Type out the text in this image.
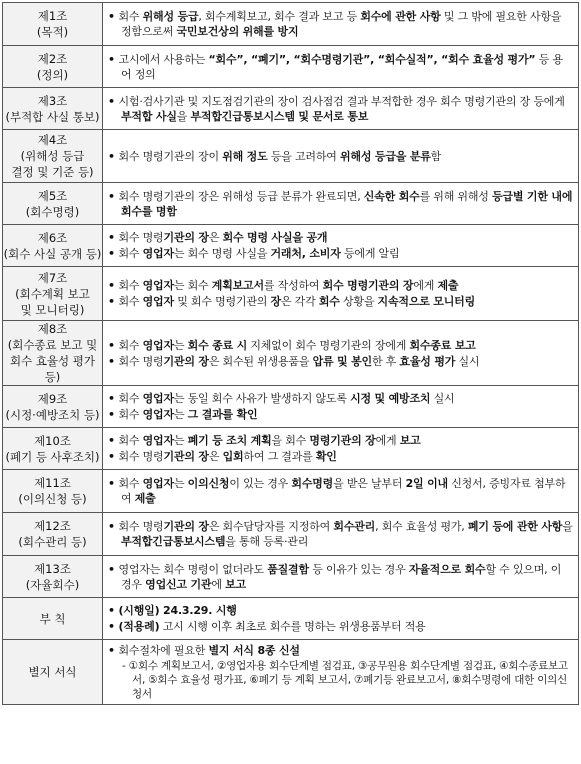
제1조
(목적)	• 회수 위해성 등급, 회수계획보고, 회수 결과 보고 등 회수에 관한 사항 및 그 밖에 필요한 사항을 정함으로써 국민보건상의 위해를 방지

제2조
(정의)	• 고시에서 사용하는 “회수”, “폐기”, “회수명령기관”, “회수실적”, “회수 효율성 평가” 등 용어 정의

제3조
(부적합 사실 통보)	• 시험·검사기관 및 지도점검기관의 장이 검사점검 결과 부적합한 경우 회수 명령기관의 장 등에게 부적합 사실을 부적합긴급통보시스템 및 문서로 통보

제4조
(위해성 등급
결정 및 기준 등)	• 회수 명령기관의 장이 위해 정도 등을 고려하여 위해성 등급을 분류함

제5조
(회수명령)	• 회수 명령기관의 장은 위해성 등급 분류가 완료되면, 신속한 회수를 위해 위해성 등급별 기한 내에 회수를 명함

제6조
(회수 사실 공개 등)	• 회수 명령기관의 장은 회수 명령 사실을 공개
• 회수 영업자는 회수 명령 사실을 거래처, 소비자 등에게 알림

제7조
(회수계획 보고
및 모니터링)	• 회수 영업자는 회수 계획보고서를 작성하여 회수 명령기관의 장에게 제출
• 회수 영업자 및 회수 명령기관의 장은 각각 회수 상황을 지속적으로 모니터링

제8조
(회수종료 보고 및
회수 효율성 평가 등)	• 회수 영업자는 회수 종료 시 지체없이 회수 명령기관의 장에게 회수종료 보고
• 회수 명령기관의 장은 회수된 위생용품을 압류 및 봉인한 후 효율성 평가 실시

제9조
(시정·예방조치 등)	• 회수 영업자는 동일 회수 사유가 발생하지 않도록 시정 및 예방조치 실시
• 회수 영업자는 그 결과를 확인

제10조
(폐기 등 사후조치)	• 회수 영업자는 폐기 등 조치 계획을 회수 명령기관의 장에게 보고
• 회수 명령기관의 장은 입회하여 그 결과를 확인

제11조
(이의신청 등)	• 회수 영업자는 이의신청이 있는 경우 회수명령을 받은 날부터 2일 이내 신청서, 증빙자료 첨부하여 제출

제12조
(회수관리 등)	• 회수 명령기관의 장은 회수담당자를 지정하여 회수관리, 회수 효율성 평가, 폐기 등에 관한 사항을 부적합긴급통보시스템을 통해 등록·관리

제13조
(자율회수)	• 영업자는 회수 명령이 없더라도 품질결함 등 이유가 있는 경우 자율적으로 회수할 수 있으며, 이 경우 영업신고 기관에 보고

부 칙	• (시행일) 24.3.29. 시행
• (적용례) 고시 시행 이후 최초로 회수를 명하는 위생용품부터 적용

별지 서식	• 회수절차에 필요한 별지 서식 8종 신설
- ①회수 계획보고서, ②영업자용 회수단계별 점검표, ③공무원용 회수단계별 점검표, ④회수종료보고서, ⑤회수 효율성 평가표, ⑥폐기 등 계획 보고서, ⑦폐기등 완료보고서, ⑧회수명령에 대한 이의신청서
